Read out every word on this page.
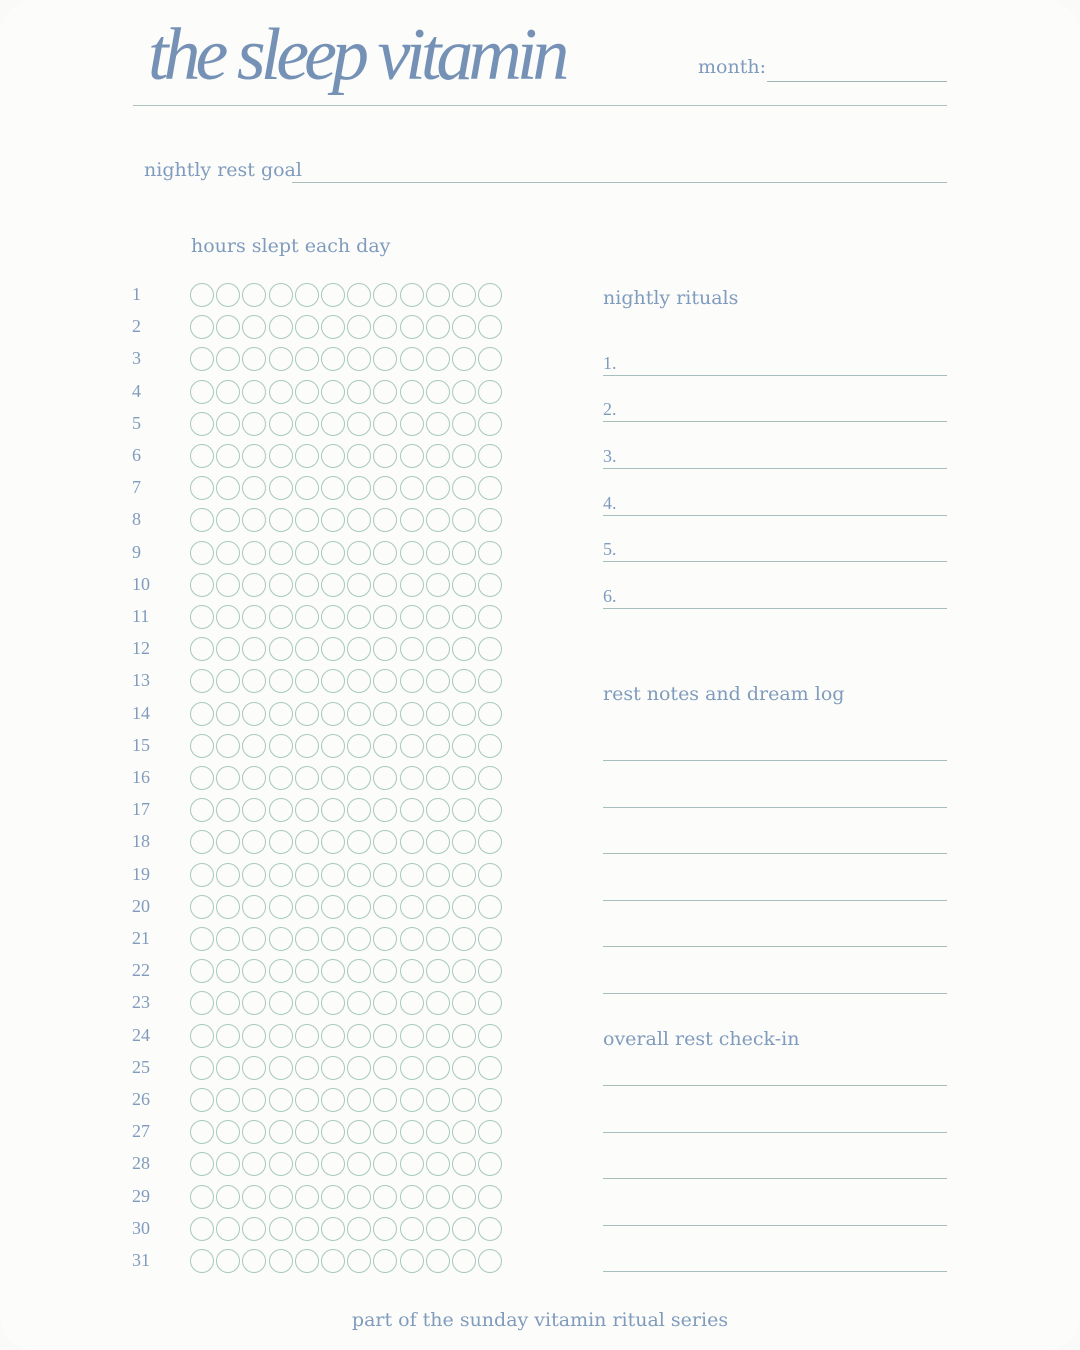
the sleep vitamin	month:
nightly rest goal
hours slept each day
1
2
3
4
5
6
7
8
9
10
11
12
13
14
15
16
17
18
19
20
21
22
23
24
25
26
27
28
29
30
31
nightly rituals
1.
2.
3.
4.
5.
6.
rest notes and dream log
overall rest check-in
part of the sunday vitamin ritual series
